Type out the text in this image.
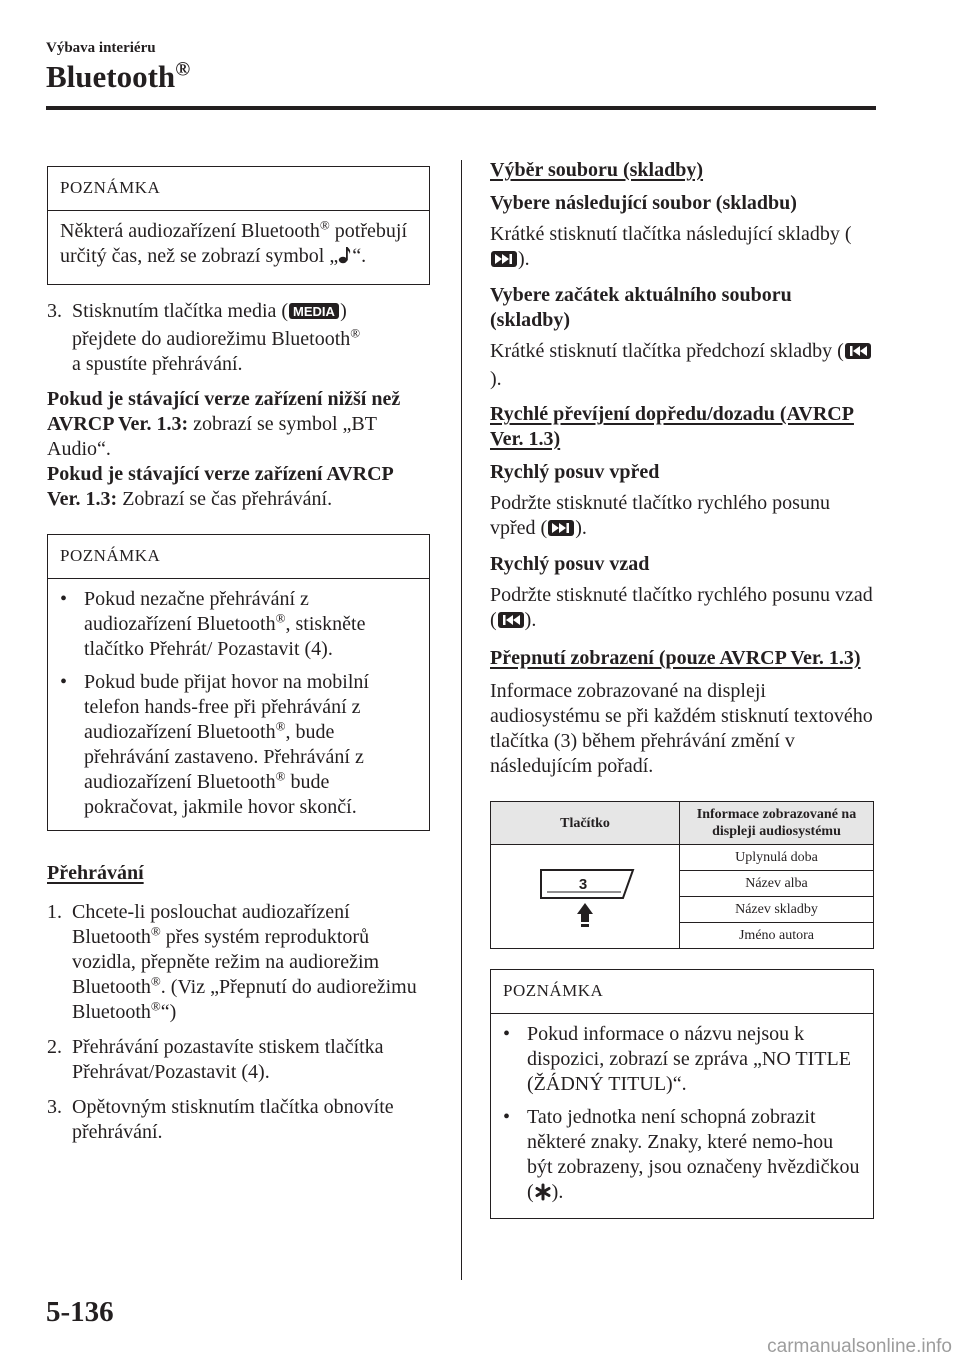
Výbava interiéru
Bluetooth®
POZNÁMKA
Některá audiozařízení Bluetooth® potřebují určitý čas, než se zobrazí symbol „ “.
3. Stisknutím tlačítka media ( MEDIA )
přejdete do audiorežimu Bluetooth®
a spustíte přehrávání.

Pokud je stávající verze zařízení nižší než AVRCP Ver. 1.3: zobrazí se symbol „BT Audio“.

Pokud je stávající verze zařízení AVRCP Ver. 1.3: Zobrazí se čas přehrávání.

POZNÁMKA
• Pokud nezačne přehrávání z audiozařízení Bluetooth®, stiskněte tlačítko Přehrát/ Pozastavit (4).
• Pokud bude přijat hovor na mobilní telefon hands-free při přehrávání z audiozařízení Bluetooth®, bude přehrávání zastaveno. Přehrávání z audiozařízení Bluetooth® bude pokračovat, jakmile hovor skončí.
Přehrávání
1. Chcete-li poslouchat audiozařízení Bluetooth® přes systém reproduktorů vozidla, přepněte režim na audiorežim Bluetooth®. (Viz „Přepnutí do audiorežimu Bluetooth®“)
2. Přehrávání pozastavíte stiskem tlačítka Přehrávat/Pozastavit (4).
3. Opětovným stisknutím tlačítka obnovíte přehrávání.
Výběr souboru (skladby)
Vybere následující soubor (skladbu)

Krátké stisknutí tlačítka následující skladby ().

Vybere začátek aktuálního souboru (skladby)

Krátké stisknutí tlačítka předchozí skladby ().

Rychlé převíjení dopředu/dozadu (AVRCP Ver. 1.3)
Rychlý posuv vpřed

Podržte stisknuté tlačítko rychlého posunu vpřed ( ).

Rychlý posuv vzad

Podržte stisknuté tlačítko rychlého posunu vzad ( ).

Přepnutí zobrazení (pouze AVRCP Ver. 1.3)

Informace zobrazované na displeji audiosystému se při každém stisknutí textového tlačítka (3) během přehrávání změní v následujícím pořadí.

Tlačítko	Informace zobrazované na displeji audiosystému

3	Uplynulá doba
	Název alba
	Název skladby
	Jméno autora
POZNÁMKA
• Pokud informace o názvu nejsou k dispozici, zobrazí se zpráva „NO TITLE (ŽÁDNÝ TITUL)“.
• Tato jednotka není schopná zobrazit některé znaky. Znaky, které nemo-hou být zobrazeny, jsou označeny hvězdičkou ( ).
5-136
carmanualsonline.info
